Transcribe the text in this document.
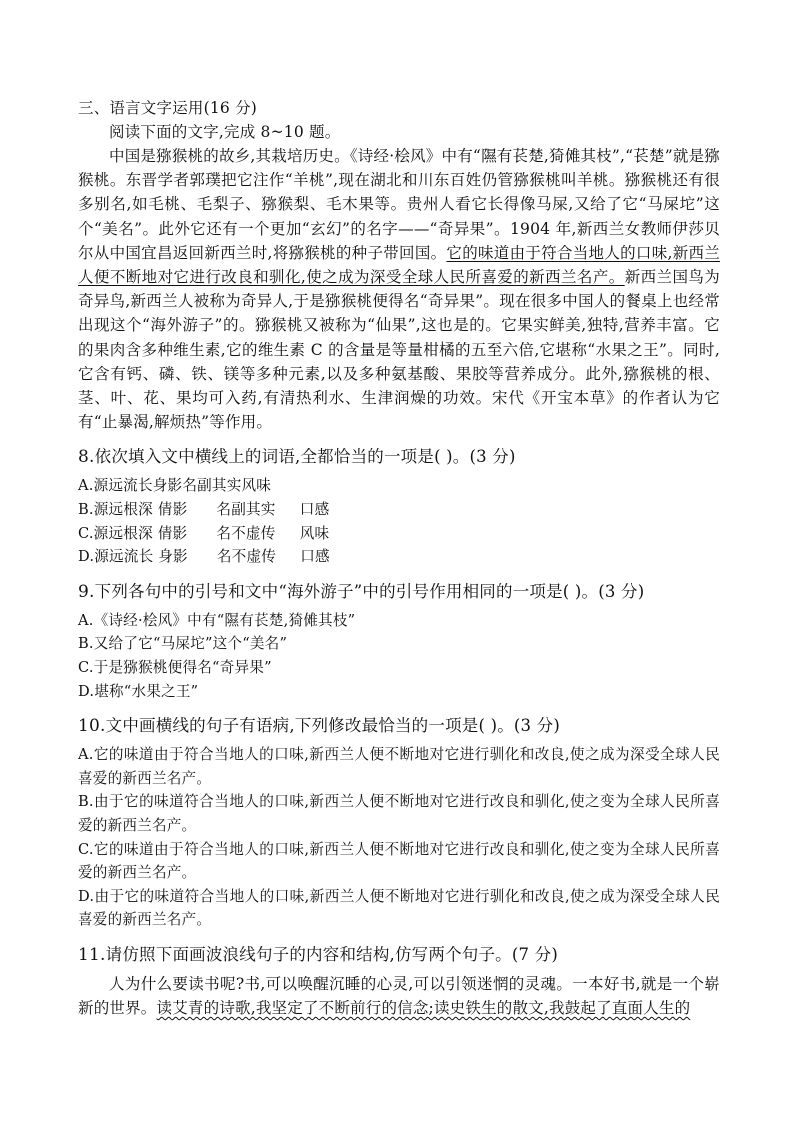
三、语言文字运用(16 分)

阅读下面的文字,完成 8~10 题。

中国是猕猴桃的故乡,其栽培历史。《诗经·桧风》中有“隰有苌楚,猗傩其枝”,“苌楚”就是猕猴桃。东晋学者郭璞把它注作“羊桃”,现在湖北和川东百姓仍管猕猴桃叫羊桃。猕猴桃还有很多别名,如毛桃、毛梨子、猕猴梨、毛木果等。贵州人看它长得像马屎,又给了它“马屎坨”这个“美名”。此外它还有一个更加“玄幻”的名字——“奇异果”。1904 年,新西兰女教师伊莎贝尔从中国宜昌返回新西兰时,将猕猴桃的种子带回国。它的味道由于符合当地人的口味,新西兰人便不断地对它进行改良和驯化,使之成为深受全球人民所喜爱的新西兰名产。新西兰国鸟为奇异鸟,新西兰人被称为奇异人,于是猕猴桃便得名“奇异果”。现在很多中国人的餐桌上也经常出现这个“海外游子”的。猕猴桃又被称为“仙果”,这也是的。它果实鲜美,独特,营养丰富。它的果肉含多种维生素,它的维生素 C 的含量是等量柑橘的五至六倍,它堪称“水果之王”。同时,它含有钙、磷、铁、镁等多种元素,以及多种氨基酸、果胶等营养成分。此外,猕猴桃的根、茎、叶、花、果均可入药,有清热利水、生津润燥的功效。宋代《开宝本草》的作者认为它有“止暴渴,解烦热”等作用。

8.依次填入文中横线上的词语,全都恰当的一项是( )。(3 分)

A.源远流长身影名副其实风味

B.源远根深 倩影      名副其实     口感

C.源远根深 倩影      名不虚传     风味

D.源远流长 身影      名不虚传     口感

9.下列各句中的引号和文中“海外游子”中的引号作用相同的一项是( )。(3 分)

A.《诗经·桧风》中有“隰有苌楚,猗傩其枝”

B.又给了它“马屎坨”这个“美名”

C.于是猕猴桃便得名“奇异果”

D.堪称“水果之王”

10.文中画横线的句子有语病,下列修改最恰当的一项是( )。(3 分)

A.它的味道由于符合当地人的口味,新西兰人便不断地对它进行驯化和改良,使之成为深受全球人民喜爱的新西兰名产。

B.由于它的味道符合当地人的口味,新西兰人便不断地对它进行改良和驯化,使之变为全球人民所喜爱的新西兰名产。

C.它的味道由于符合当地人的口味,新西兰人便不断地对它进行改良和驯化,使之变为全球人民所喜爱的新西兰名产。

D.由于它的味道符合当地人的口味,新西兰人便不断地对它进行驯化和改良,使之成为深受全球人民喜爱的新西兰名产。

11.请仿照下面画波浪线句子的内容和结构,仿写两个句子。(7 分)

人为什么要读书呢?书,可以唤醒沉睡的心灵,可以引领迷惘的灵魂。一本好书,就是一个崭新的世界。读艾青的诗歌,我坚定了不断前行的信念;读史铁生的散文,我鼓起了直面人生的
